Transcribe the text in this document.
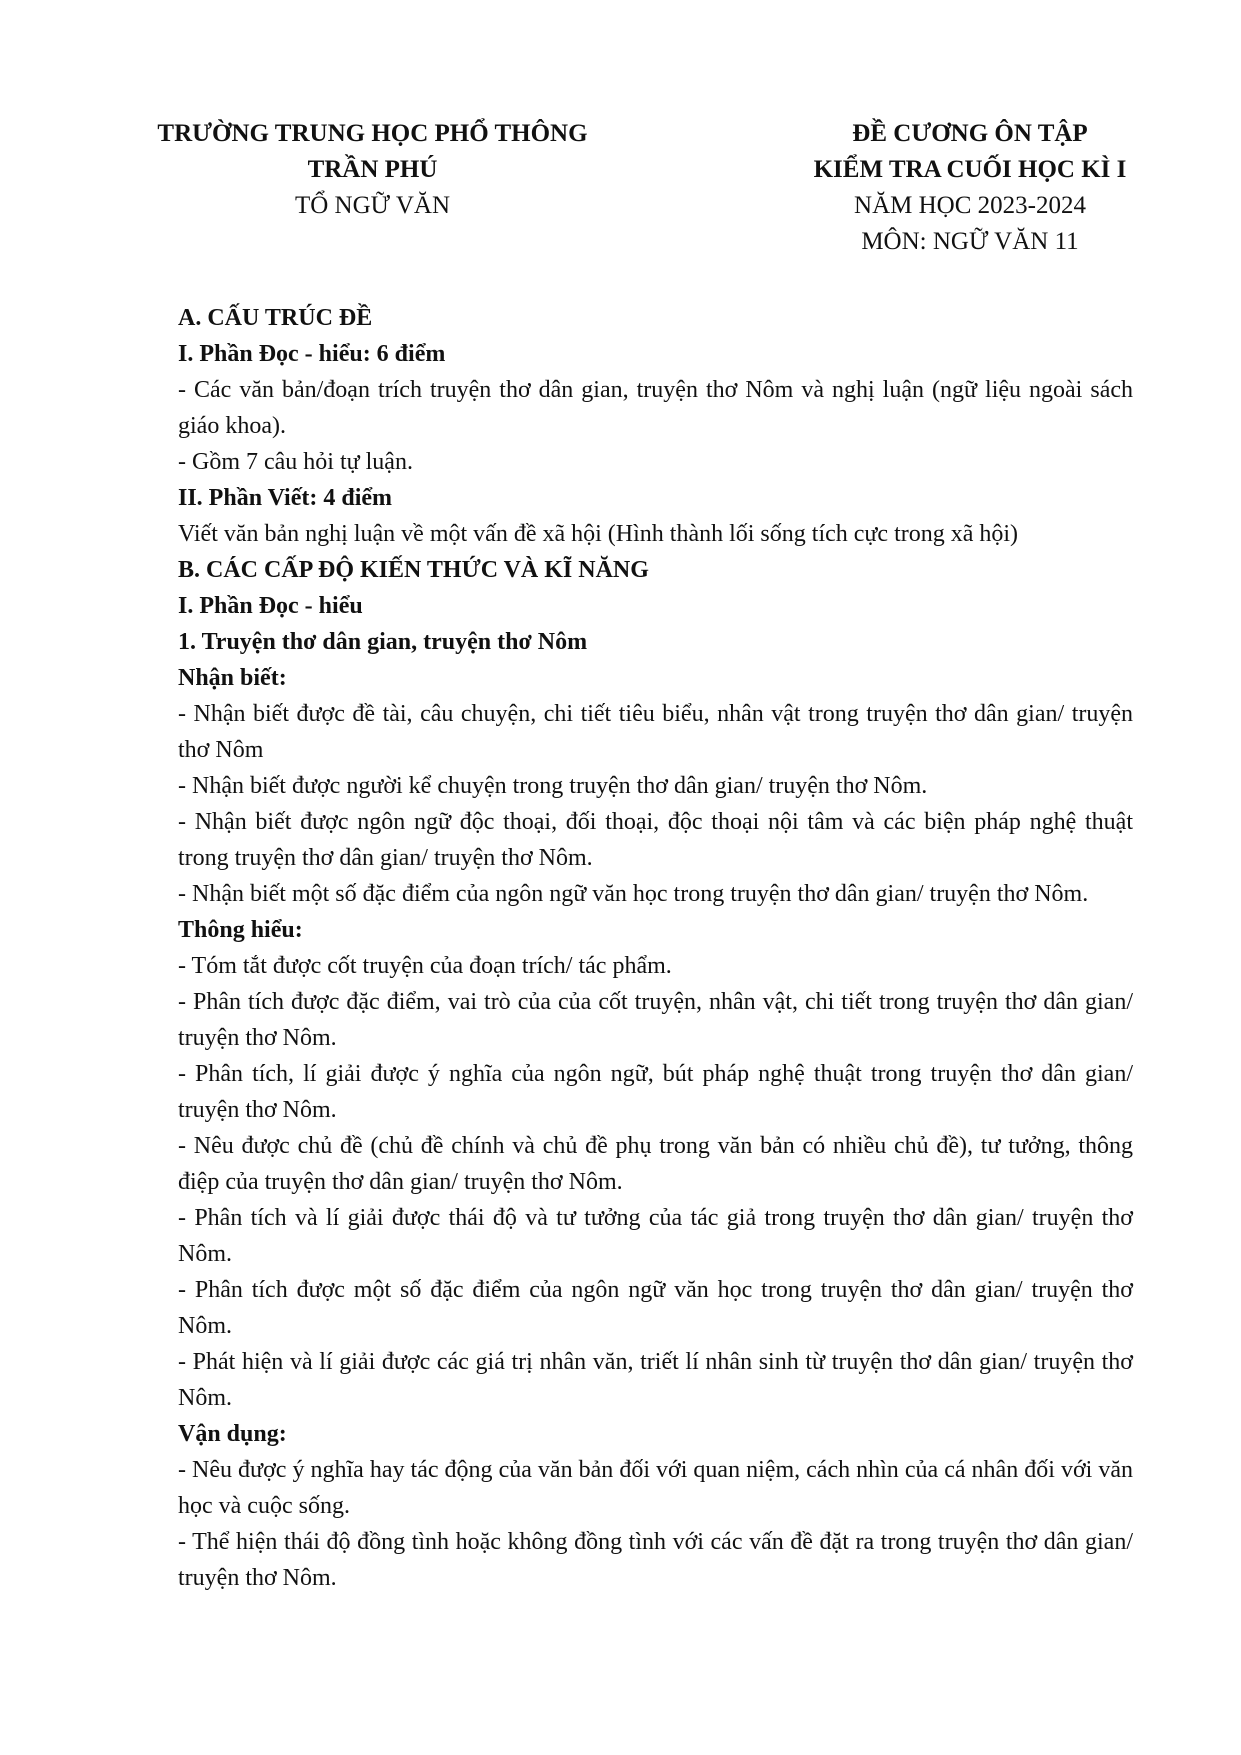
TRƯỜNG TRUNG HỌC PHỔ THÔNG
TRẦN PHÚ
TỔ NGỮ VĂN
ĐỀ CƯƠNG ÔN TẬP
KIỂM TRA CUỐI HỌC KÌ I
NĂM HỌC 2023-2024
MÔN: NGỮ VĂN 11

A. CẤU TRÚC ĐỀ

I. Phần Đọc - hiểu: 6 điểm

- Các văn bản/đoạn trích truyện thơ dân gian, truyện thơ Nôm và nghị luận (ngữ liệu ngoài sách giáo khoa).

- Gồm 7 câu hỏi tự luận.

II. Phần Viết: 4 điểm

Viết văn bản nghị luận về một vấn đề xã hội (Hình thành lối sống tích cực trong xã hội)

B. CÁC CẤP ĐỘ KIẾN THỨC VÀ KĨ NĂNG

I. Phần Đọc - hiểu

1. Truyện thơ dân gian, truyện thơ Nôm

Nhận biết:

- Nhận biết được đề tài, câu chuyện, chi tiết tiêu biểu, nhân vật trong truyện thơ dân gian/ truyện thơ Nôm

- Nhận biết được người kể chuyện trong truyện thơ dân gian/ truyện thơ Nôm.

- Nhận biết được ngôn ngữ độc thoại, đối thoại, độc thoại nội tâm và các biện pháp nghệ thuật trong truyện thơ dân gian/ truyện thơ Nôm.

- Nhận biết một số đặc điểm của ngôn ngữ văn học trong truyện thơ dân gian/ truyện thơ Nôm.

Thông hiểu:

- Tóm tắt được cốt truyện của đoạn trích/ tác phẩm.

- Phân tích được đặc điểm, vai trò của của cốt truyện, nhân vật, chi tiết trong truyện thơ dân gian/ truyện thơ Nôm.

- Phân tích, lí giải được ý nghĩa của ngôn ngữ, bút pháp nghệ thuật trong truyện thơ dân gian/ truyện thơ Nôm.

- Nêu được chủ đề (chủ đề chính và chủ đề phụ trong văn bản có nhiều chủ đề), tư tưởng, thông điệp của truyện thơ dân gian/ truyện thơ Nôm.

- Phân tích và lí giải được thái độ và tư tưởng của tác giả trong truyện thơ dân gian/ truyện thơ Nôm.

- Phân tích được một số đặc điểm của ngôn ngữ văn học trong truyện thơ dân gian/ truyện thơ Nôm.

- Phát hiện và lí giải được các giá trị nhân văn, triết lí nhân sinh từ truyện thơ dân gian/ truyện thơ Nôm.

Vận dụng:

- Nêu được ý nghĩa hay tác động của văn bản đối với quan niệm, cách nhìn của cá nhân đối với văn học và cuộc sống.

- Thể hiện thái độ đồng tình hoặc không đồng tình với các vấn đề đặt ra trong truyện thơ dân gian/ truyện thơ Nôm.
